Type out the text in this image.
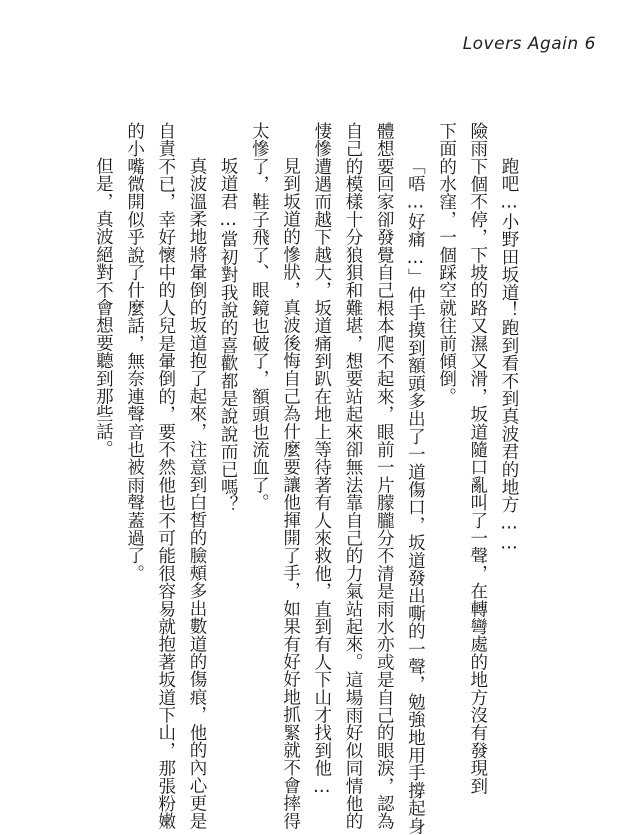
Lovers Again 6

跑吧…小野田坂道！跑到看不到真波君的地方……

險雨下個不停，下坡的路又濕又滑，坂道隨口亂叫了一聲，在轉彎處的地方沒有發現到

下面的水窪，一個踩空就往前傾倒。

「唔…好痛…」仲手摸到額頭多出了一道傷口，坂道發出嘶的一聲，勉強地用手撐起身

體想要回家卻發覺自己根本爬不起來，眼前一片朦朧分不清是雨水亦或是自己的眼淚，認為

自己的模樣十分狼狽和難堪，想要站起來卻無法靠自己的力氣站起來。這場雨好似同情他的

悽慘遭遇而越下越大，坂道痛到趴在地上等待著有人來救他，直到有人下山才找到他…

見到坂道的慘狀，真波後悔自己為什麼要讓他揮開了手，如果有好好地抓緊就不會摔得

太慘了，鞋子飛了、眼鏡也破了，額頭也流血了。

坂道君…當初對我說的喜歡都是說說而已嗎？

真波溫柔地將暈倒的坂道抱了起來，注意到白皙的臉頰多出數道的傷痕，他的內心更是

自責不已，幸好懷中的人兒是暈倒的，要不然他也不可能很容易就抱著坂道下山，那張粉嫩

的小嘴微開似乎說了什麼話，無奈連聲音也被雨聲蓋過了。

但是，真波絕對不會想要聽到那些話。
